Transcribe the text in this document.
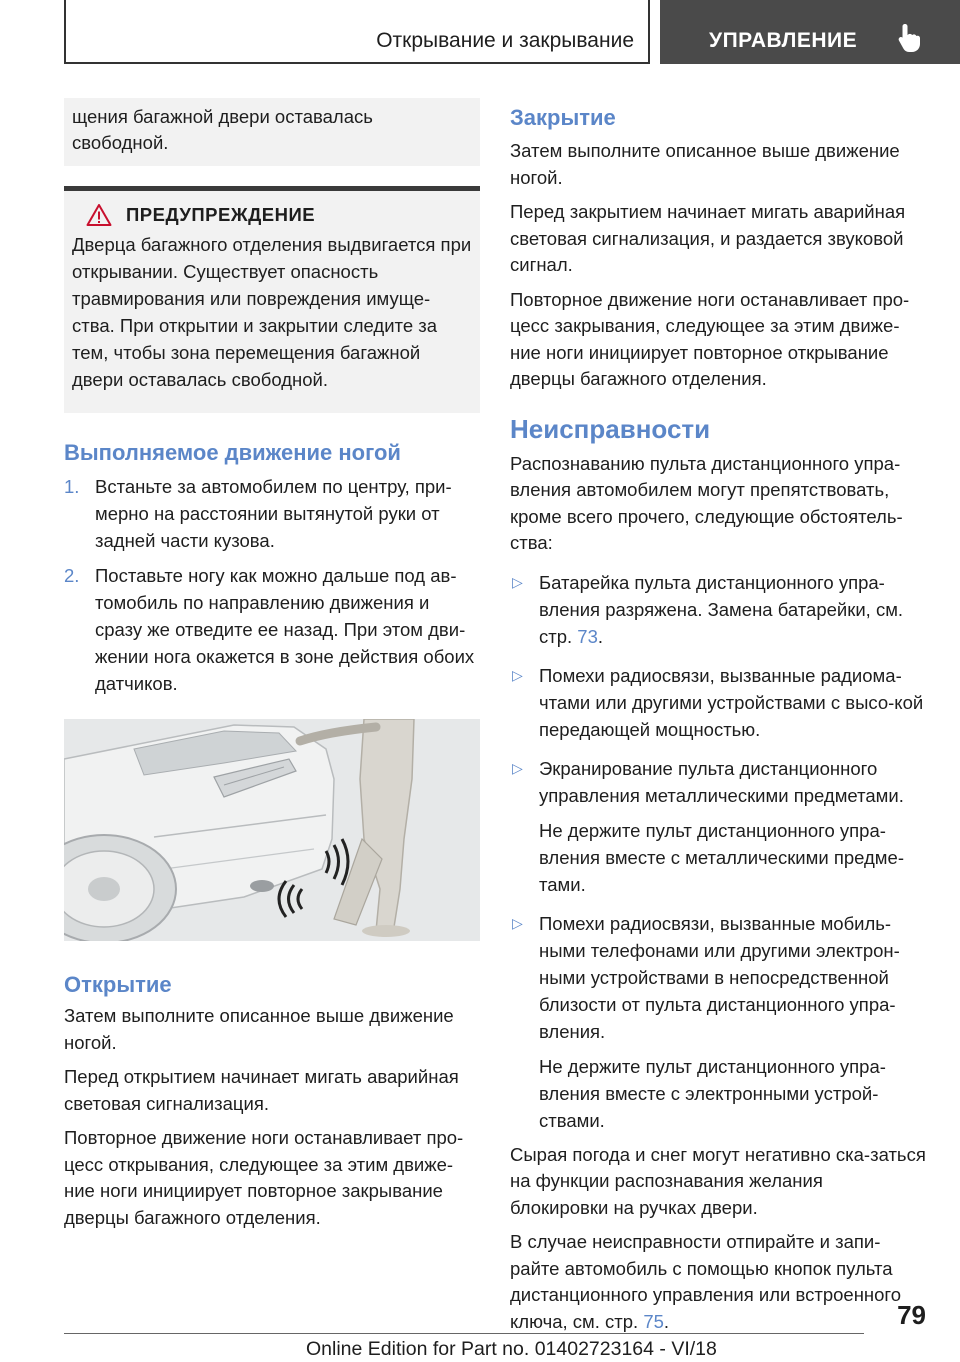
Открывание и закрывание	УПРАВЛЕНИЕ

щения багажной двери оставалась свободной.

ПРЕДУПРЕЖДЕНИЕ

Дверца багажного отделения выдвигается при открывании. Существует опасность травмирования или повреждения имуще-ства. При открытии и закрытии следите за тем, чтобы зона перемещения багажной двери оставалась свободной.

Выполняемое движение ногой
1. Встаньте за автомобилем по центру, при-мерно на расстоянии вытянутой руки от задней части кузова.
2. Поставьте ногу как можно дальше под ав-томобиль по направлению движения и сразу же отведите ее назад. При этом дви-жении нога окажется в зоне действия обоих датчиков.
Открытие

Затем выполните описанное выше движение ногой.

Перед открытием начинает мигать аварийная световая сигнализация.

Повторное движение ноги останавливает про-цесс открывания, следующее за этим движе-ние ноги инициирует повторное закрывание дверцы багажного отделения.

Закрытие

Затем выполните описанное выше движение ногой.

Перед закрытием начинает мигать аварийная световая сигнализация, и раздается звуковой сигнал.

Повторное движение ноги останавливает про-цесс закрывания, следующее за этим движе-ние ноги инициирует повторное открывание дверцы багажного отделения.

Неисправности

Распознаванию пульта дистанционного упра-вления автомобилем могут препятствовать, кроме всего прочего, следующие обстоятель-ства:

▷ Батарейка пульта дистанционного упра-вления разряжена. Замена батарейки, см. стр. 73.

▷ Помехи радиосвязи, вызванные радиома-чтами или другими устройствами с высо-кой передающей мощностью.

▷ Экранирование пульта дистанционного управления металлическими предметами.

Не держите пульт дистанционного упра-вления вместе с металлическими предме-тами.

▷ Помехи радиосвязи, вызванные мобиль-ными телефонами или другими электрон-ными устройствами в непосредственной близости от пульта дистанционного упра-вления.

Не держите пульт дистанционного упра-вления вместе с электронными устрой-ствами.

Сырая погода и снег могут негативно ска-заться на функции распознавания желания блокировки на ручках двери.

В случае неисправности отпирайте и запи-райте автомобиль с помощью кнопок пульта дистанционного управления или встроенного ключа, см. стр. 75.	79
Online Edition for Part no. 01402723164 - VI/18
